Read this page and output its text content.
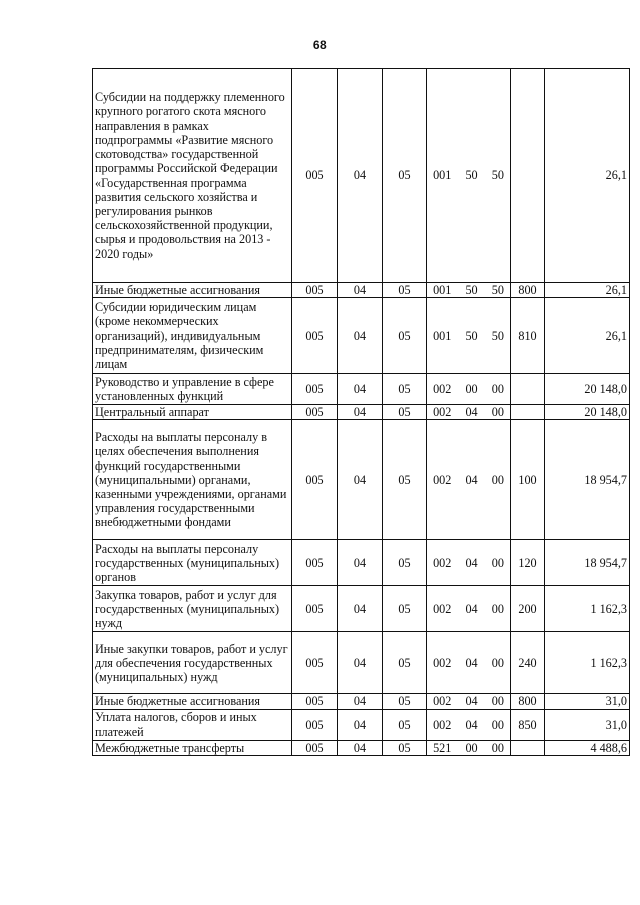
68
Субсидии на поддержку племенного крупного рогатого скота мясного направления в рамках подпрограммы «Развитие мясного скотоводства» государственной программы Российской Федерации «Государственная программа развития сельского хозяйства и регулирования рынков сельскохозяйственной продукции, сырья и продовольствия на 2013 - 2020 годы»	005	04	05	001  50  50		26,1
Иные бюджетные ассигнования	005	04	05	001  50  50	800	26,1
Субсидии юридическим лицам (кроме некоммерческих организаций), индивидуальным предпринимателям, физическим лицам	005	04	05	001  50  50	810	26,1
Руководство и управление в сфере установленных функций	005	04	05	002  00  00		20 148,0
Центральный аппарат	005	04	05	002  04  00		20 148,0
Расходы на выплаты персоналу в целях обеспечения выполнения функций государственными (муниципальными) органами, казенными учреждениями, органами управления государственными внебюджетными фондами	005	04	05	002  04  00	100	18 954,7
Расходы на выплаты персоналу государственных (муниципальных) органов	005	04	05	002  04  00	120	18 954,7
Закупка товаров, работ и услуг для государственных (муниципальных) нужд	005	04	05	002  04  00	200	1 162,3
Иные закупки товаров, работ и услуг для обеспечения государственных (муниципальных) нужд	005	04	05	002  04  00	240	1 162,3
Иные бюджетные ассигнования	005	04	05	002  04  00	800	31,0
Уплата налогов, сборов и иных платежей	005	04	05	002  04  00	850	31,0
Межбюджетные трансферты	005	04	05	521  00  00		4 488,6
